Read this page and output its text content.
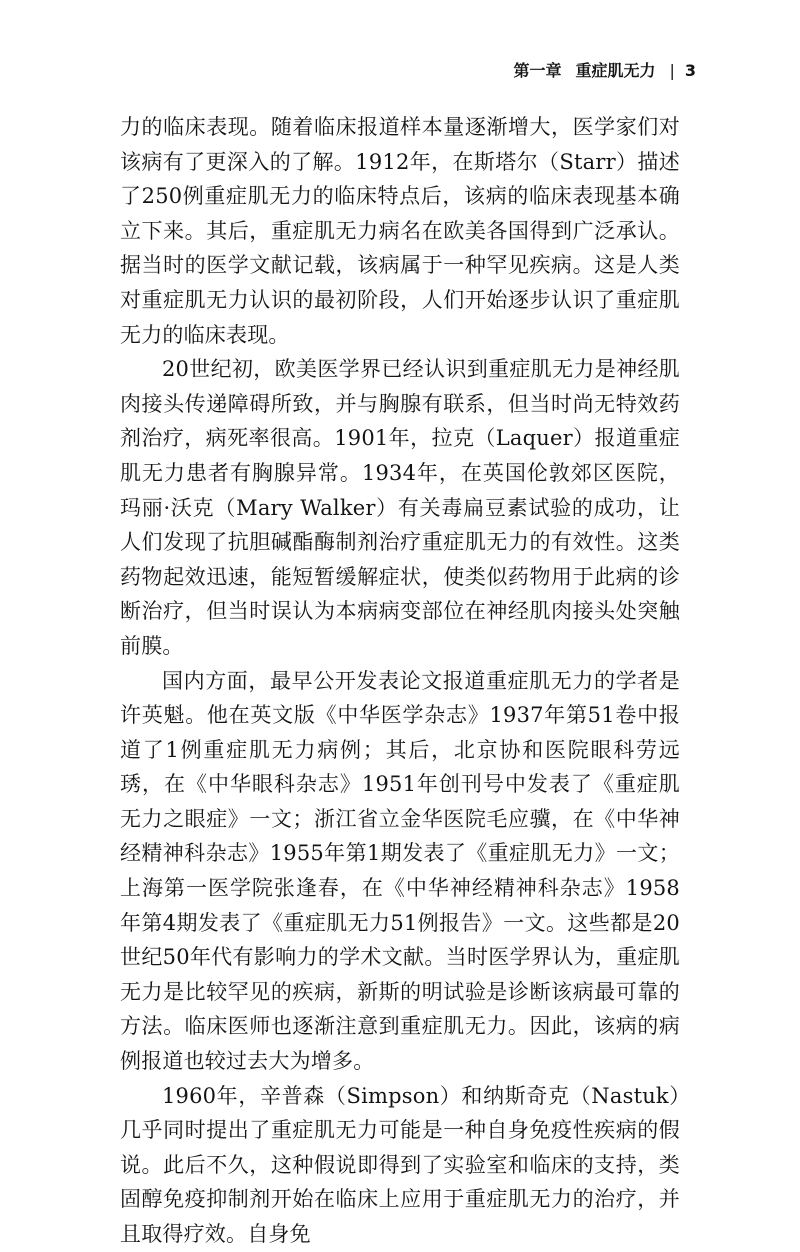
第一章 重症肌无力 | 3

力的临床表现。随着临床报道样本量逐渐增大，医学家们对该病有了更深入的了解。1912年，在斯塔尔（Starr）描述了250例重症肌无力的临床特点后，该病的临床表现基本确立下来。其后，重症肌无力病名在欧美各国得到广泛承认。据当时的医学文献记载，该病属于一种罕见疾病。这是人类对重症肌无力认识的最初阶段，人们开始逐步认识了重症肌无力的临床表现。

20世纪初，欧美医学界已经认识到重症肌无力是神经肌肉接头传递障碍所致，并与胸腺有联系，但当时尚无特效药剂治疗，病死率很高。1901年，拉克（Laquer）报道重症肌无力患者有胸腺异常。1934年，在英国伦敦郊区医院，玛丽·沃克（Mary Walker）有关毒扁豆素试验的成功，让人们发现了抗胆碱酯酶制剂治疗重症肌无力的有效性。这类药物起效迅速，能短暂缓解症状，使类似药物用于此病的诊断治疗，但当时误认为本病病变部位在神经肌肉接头处突触前膜。

国内方面，最早公开发表论文报道重症肌无力的学者是许英魁。他在英文版《中华医学杂志》1937年第51卷中报道了1例重症肌无力病例；其后，北京协和医院眼科劳远琇，在《中华眼科杂志》1951年创刊号中发表了《重症肌无力之眼症》一文；浙江省立金华医院毛应骥，在《中华神经精神科杂志》1955年第1期发表了《重症肌无力》一文；上海第一医学院张逢春，在《中华神经精神科杂志》1958年第4期发表了《重症肌无力51例报告》一文。这些都是20世纪50年代有影响力的学术文献。当时医学界认为，重症肌无力是比较罕见的疾病，新斯的明试验是诊断该病最可靠的方法。临床医师也逐渐注意到重症肌无力。因此，该病的病例报道也较过去大为增多。

1960年，辛普森（Simpson）和纳斯奇克（Nastuk）几乎同时提出了重症肌无力可能是一种自身免疫性疾病的假说。此后不久，这种假说即得到了实验室和临床的支持，类固醇免疫抑制剂开始在临床上应用于重症肌无力的治疗，并且取得疗效。自身免
